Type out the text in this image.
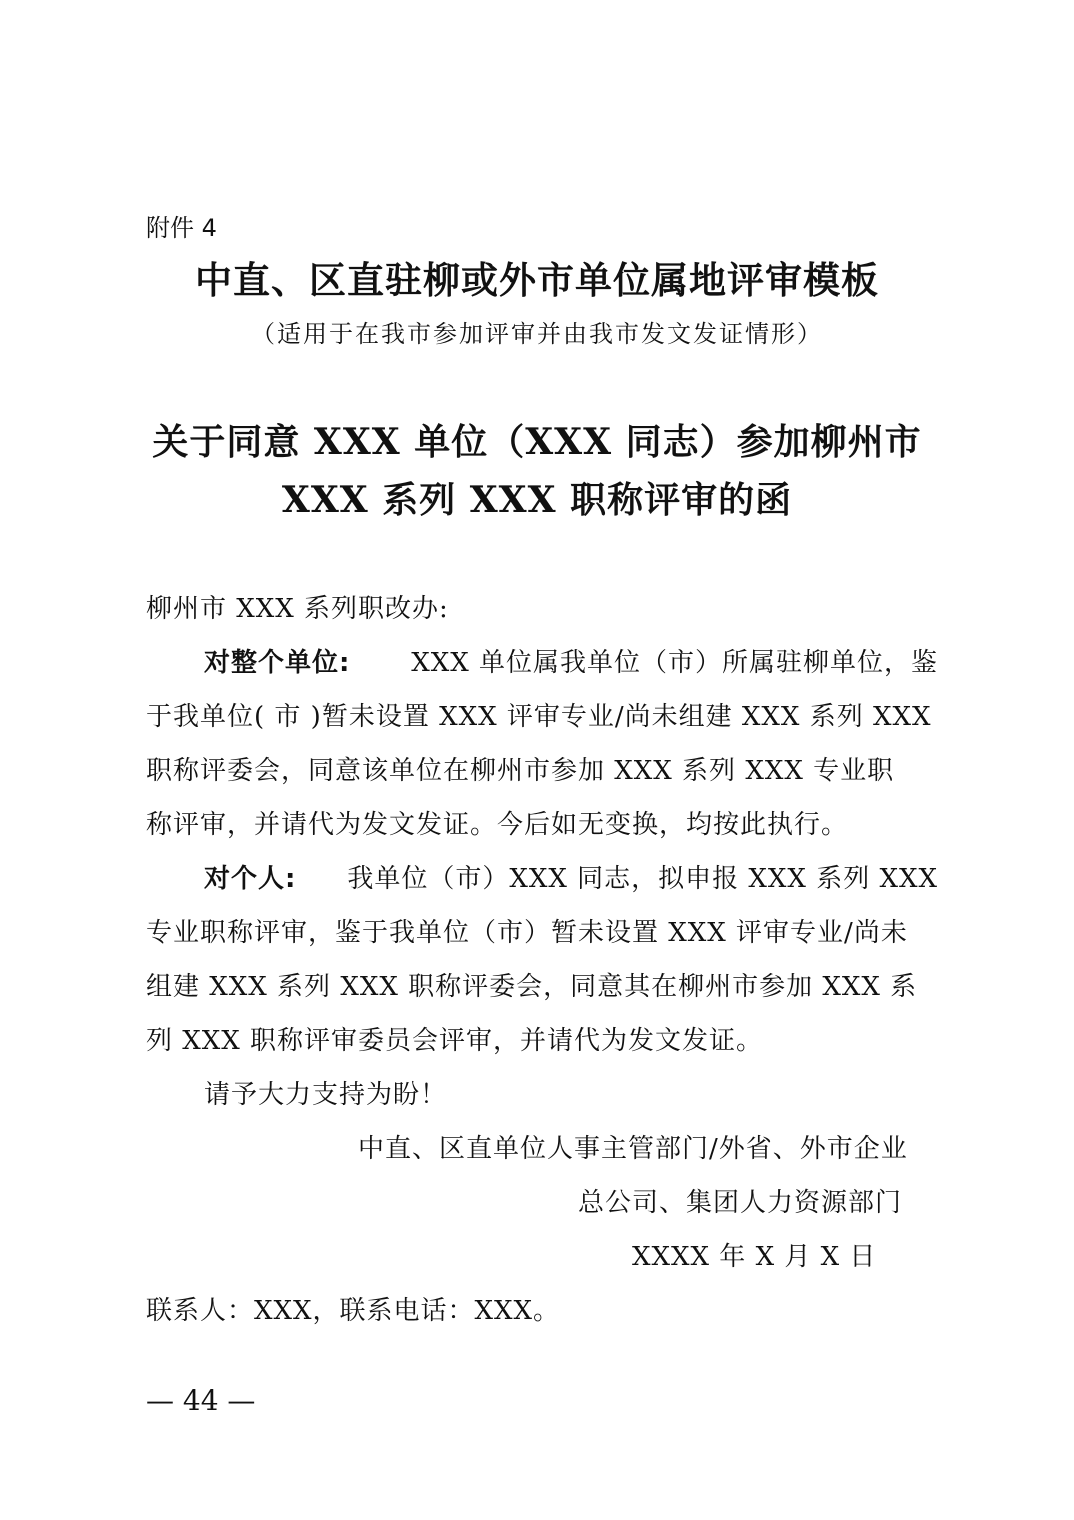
附件 4
中直、区直驻柳或外市单位属地评审模板
（适用于在我市参加评审并由我市发文发证情形）
关于同意 XXX 单位（XXX 同志）参加柳州市
XXX 系列 XXX 职称评审的函
柳州市 XXX 系列职改办:
对整个单位: XXX 单位属我单位（市）所属驻柳单位，鉴
于我单位( 市 )暂未设置 XXX 评审专业/尚未组建 XXX 系列 XXX
职称评委会，同意该单位在柳州市参加 XXX 系列 XXX 专业职
称评审，并请代为发文发证。今后如无变换，均按此执行。
对个人: 我单位（市）XXX 同志，拟申报 XXX 系列 XXX
专业职称评审，鉴于我单位（市）暂未设置 XXX 评审专业/尚未
组建 XXX 系列 XXX 职称评委会，同意其在柳州市参加 XXX 系
列 XXX 职称评审委员会评审，并请代为发文发证。
请予大力支持为盼！
中直、区直单位人事主管部门/外省、外市企业
总公司、集团人力资源部门
XXXX 年 X 月 X 日
联系人：XXX，联系电话：XXX。
— 44 —
